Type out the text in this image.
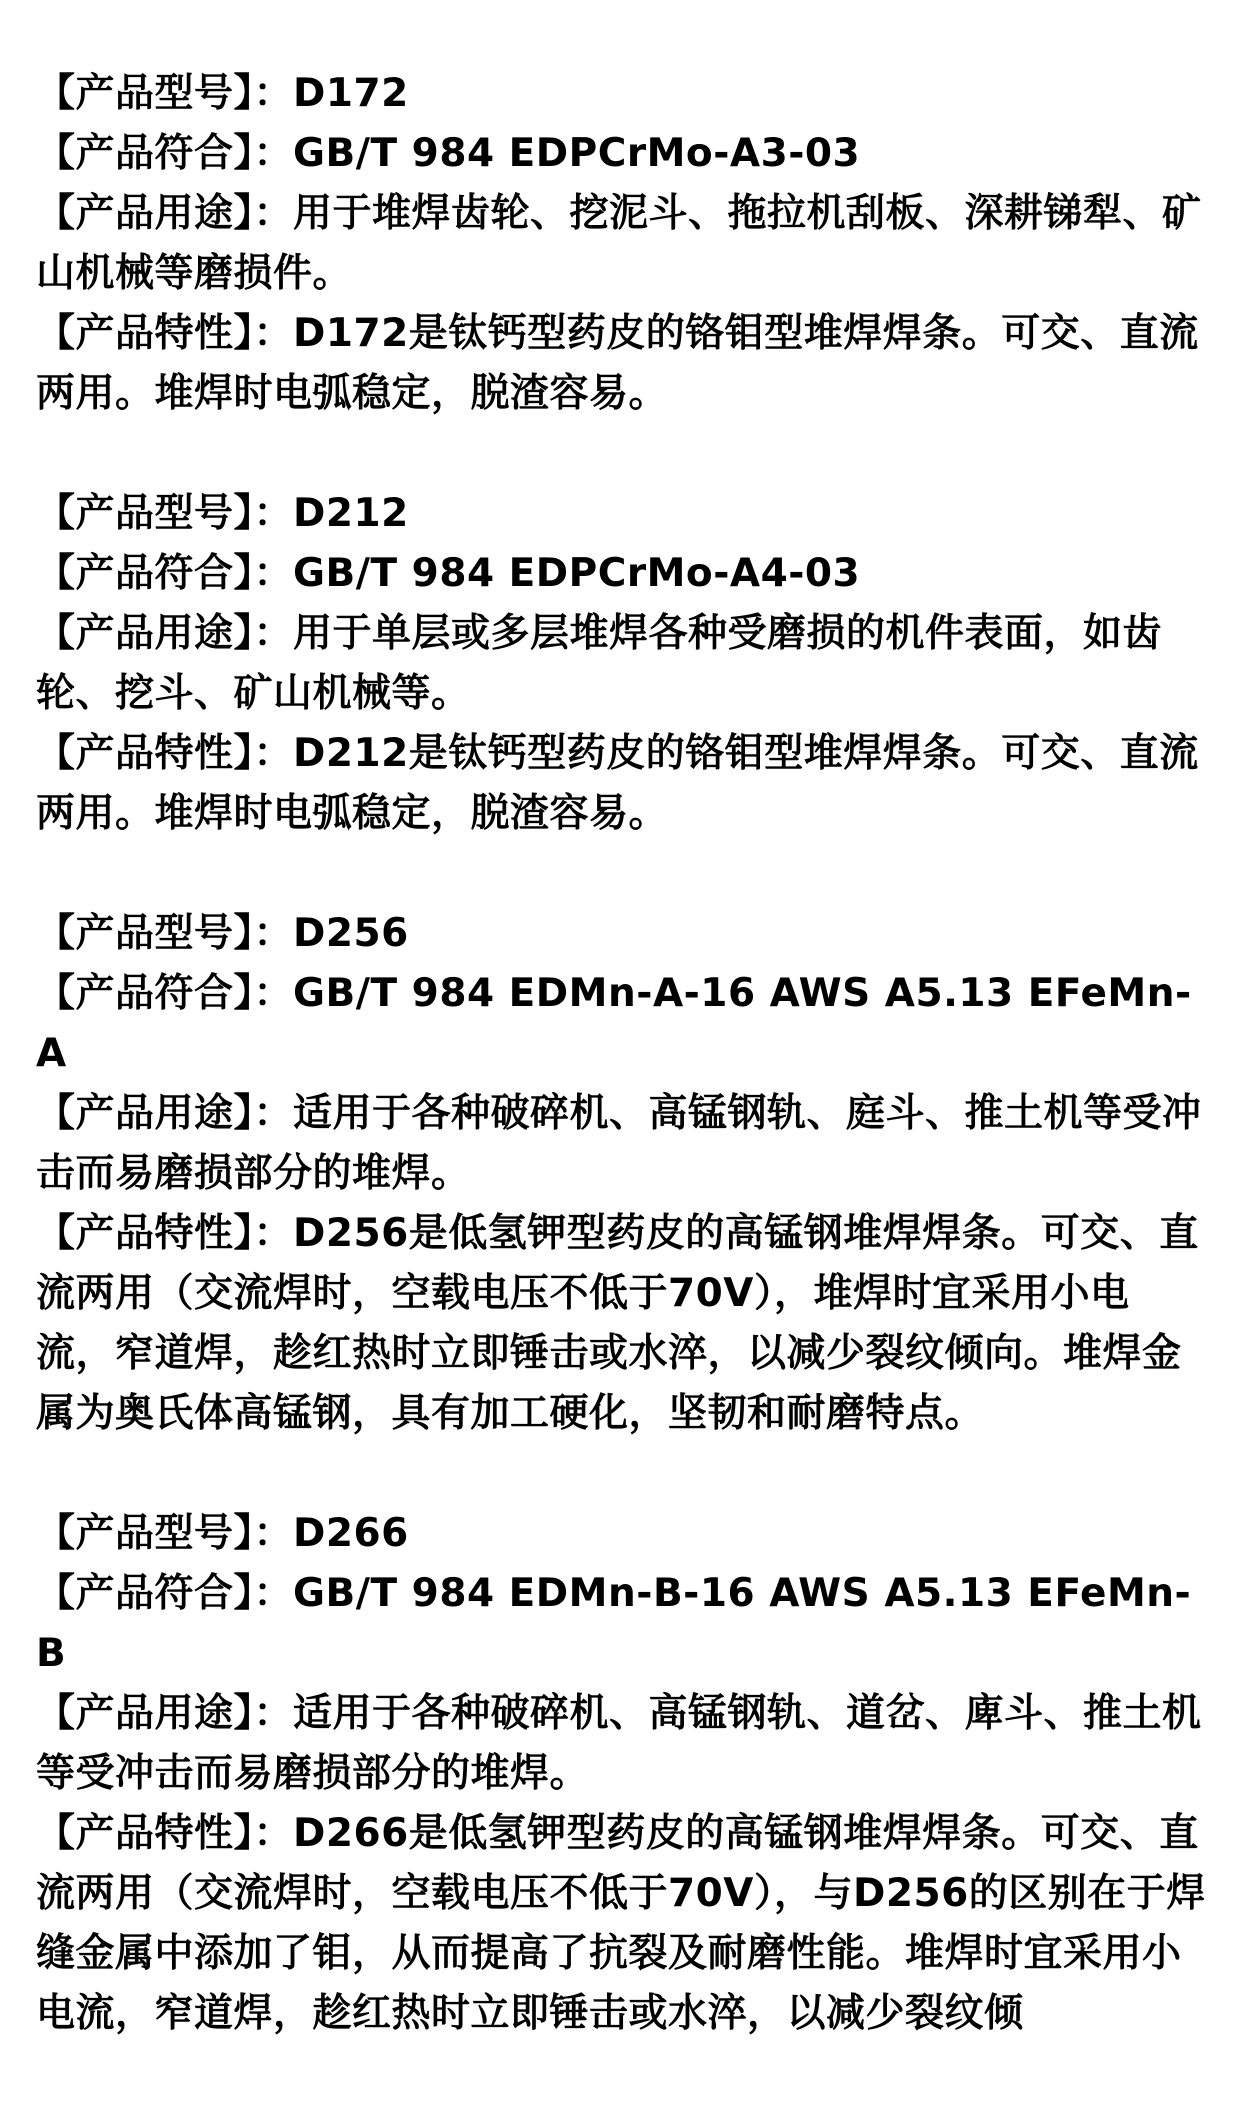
【产品型号】：D172
【产品符合】：GB/T 984 EDPCrMo-A3-03
【产品用途】：用于堆焊齿轮、挖泥斗、拖拉机刮板、深耕锑犁、矿山机械等磨损件。
【产品特性】：D172是钛钙型药皮的铬钼型堆焊焊条。可交、直流两用。堆焊时电弧稳定，脱渣容易。
【产品型号】：D212
【产品符合】：GB/T 984 EDPCrMo-A4-03
【产品用途】：用于单层或多层堆焊各种受磨损的机件表面，如齿轮、挖斗、矿山机械等。
【产品特性】：D212是钛钙型药皮的铬钼型堆焊焊条。可交、直流两用。堆焊时电弧稳定，脱渣容易。
【产品型号】：D256
【产品符合】：GB/T 984 EDMn-A-16 AWS A5.13 EFeMn-A
【产品用途】：适用于各种破碎机、高锰钢轨、庭斗、推土机等受冲击而易磨损部分的堆焊。
【产品特性】：D256是低氢钾型药皮的高锰钢堆焊焊条。可交、直流两用（交流焊时，空载电压不低于70V），堆焊时宜采用小电流，窄道焊，趁红热时立即锤击或水淬，以减少裂纹倾向。堆焊金属为奥氏体高锰钢，具有加工硬化，坚韧和耐磨特点。
【产品型号】：D266
【产品符合】：GB/T 984 EDMn-B-16 AWS A5.13 EFeMn-B
【产品用途】：适用于各种破碎机、高锰钢轨、道岔、庳斗、推土机等受冲击而易磨损部分的堆焊。
【产品特性】：D266是低氢钾型药皮的高锰钢堆焊焊条。可交、直流两用（交流焊时，空载电压不低于70V），与D256的区别在于焊缝金属中添加了钼，从而提高了抗裂及耐磨性能。堆焊时宜采用小电流，窄道焊，趁红热时立即锤击或水淬，以减少裂纹倾
